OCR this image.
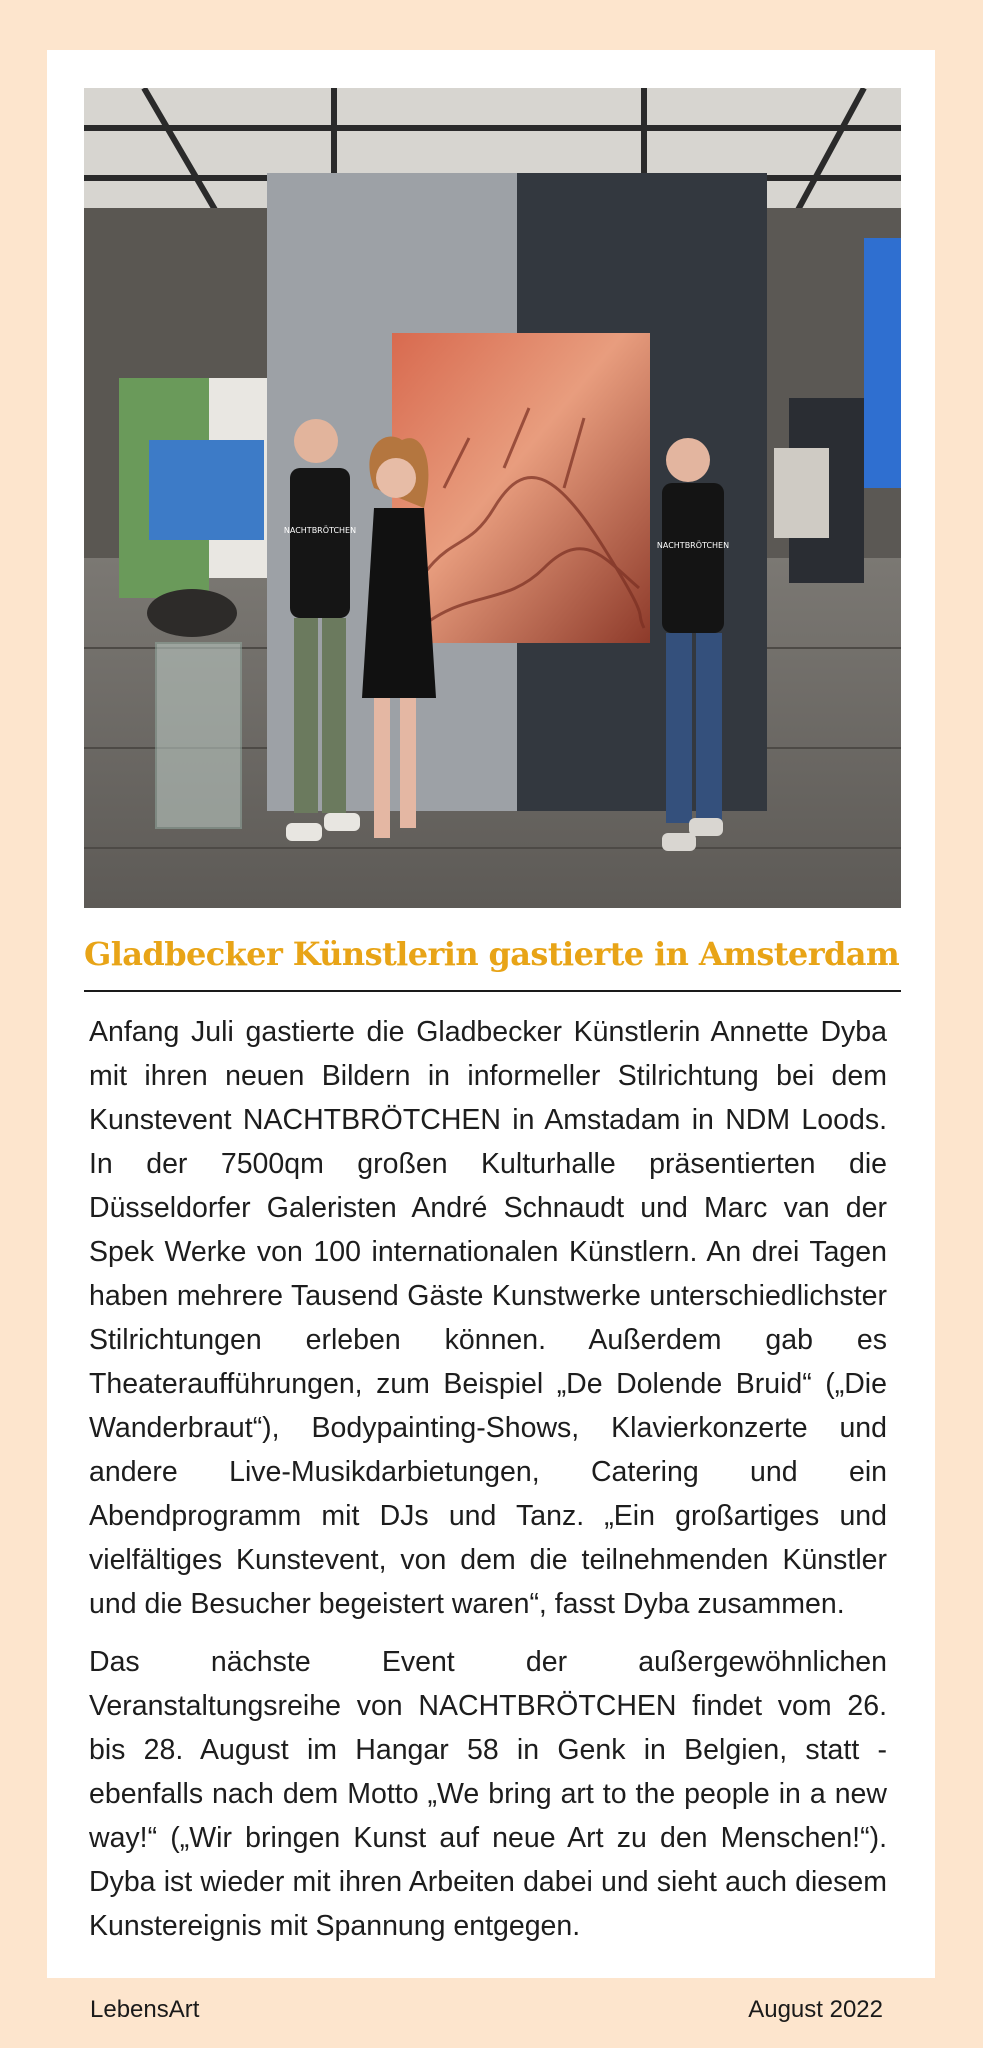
NACHTBRÖTCHEN
NACHTBRÖTCHEN
Gladbecker Künstlerin gastierte in Amsterdam

Anfang Juli gastierte die Gladbecker Künstlerin Annette Dyba mit ihren neuen Bildern in informeller Stilrichtung bei dem Kunstevent NACHTBRÖTCHEN in Amstadam in NDM Loods. In der 7500qm großen Kulturhalle präsentierten die Düsseldorfer Galeristen André Schnaudt und Marc van der Spek Werke von 100 internationalen Künstlern. An drei Tagen haben mehrere Tausend Gäste Kunstwerke unterschiedlichster Stilrichtungen erleben können. Außerdem gab es Theateraufführungen, zum Beispiel „De Dolende Bruid“ („Die Wanderbraut“), Bodypainting-Shows, Klavierkonzerte und andere Live-Musikdarbietungen, Catering und ein Abendprogramm mit DJs und Tanz. „Ein großartiges und vielfältiges Kunstevent, von dem die teilnehmenden Künstler und die Besucher begeistert waren“, fasst Dyba zusammen.

Das nächste Event der außergewöhnlichen Veranstaltungsreihe von NACHTBRÖTCHEN findet vom 26. bis 28. August im Hangar 58 in Genk in Belgien, statt - ebenfalls nach dem Motto „We bring art to the people in a new way!“ („Wir bringen Kunst auf neue Art zu den Menschen!“). Dyba ist wieder mit ihren Arbeiten dabei und sieht auch diesem Kunstereignis mit Spannung entgegen.

LebensArt	August 2022
